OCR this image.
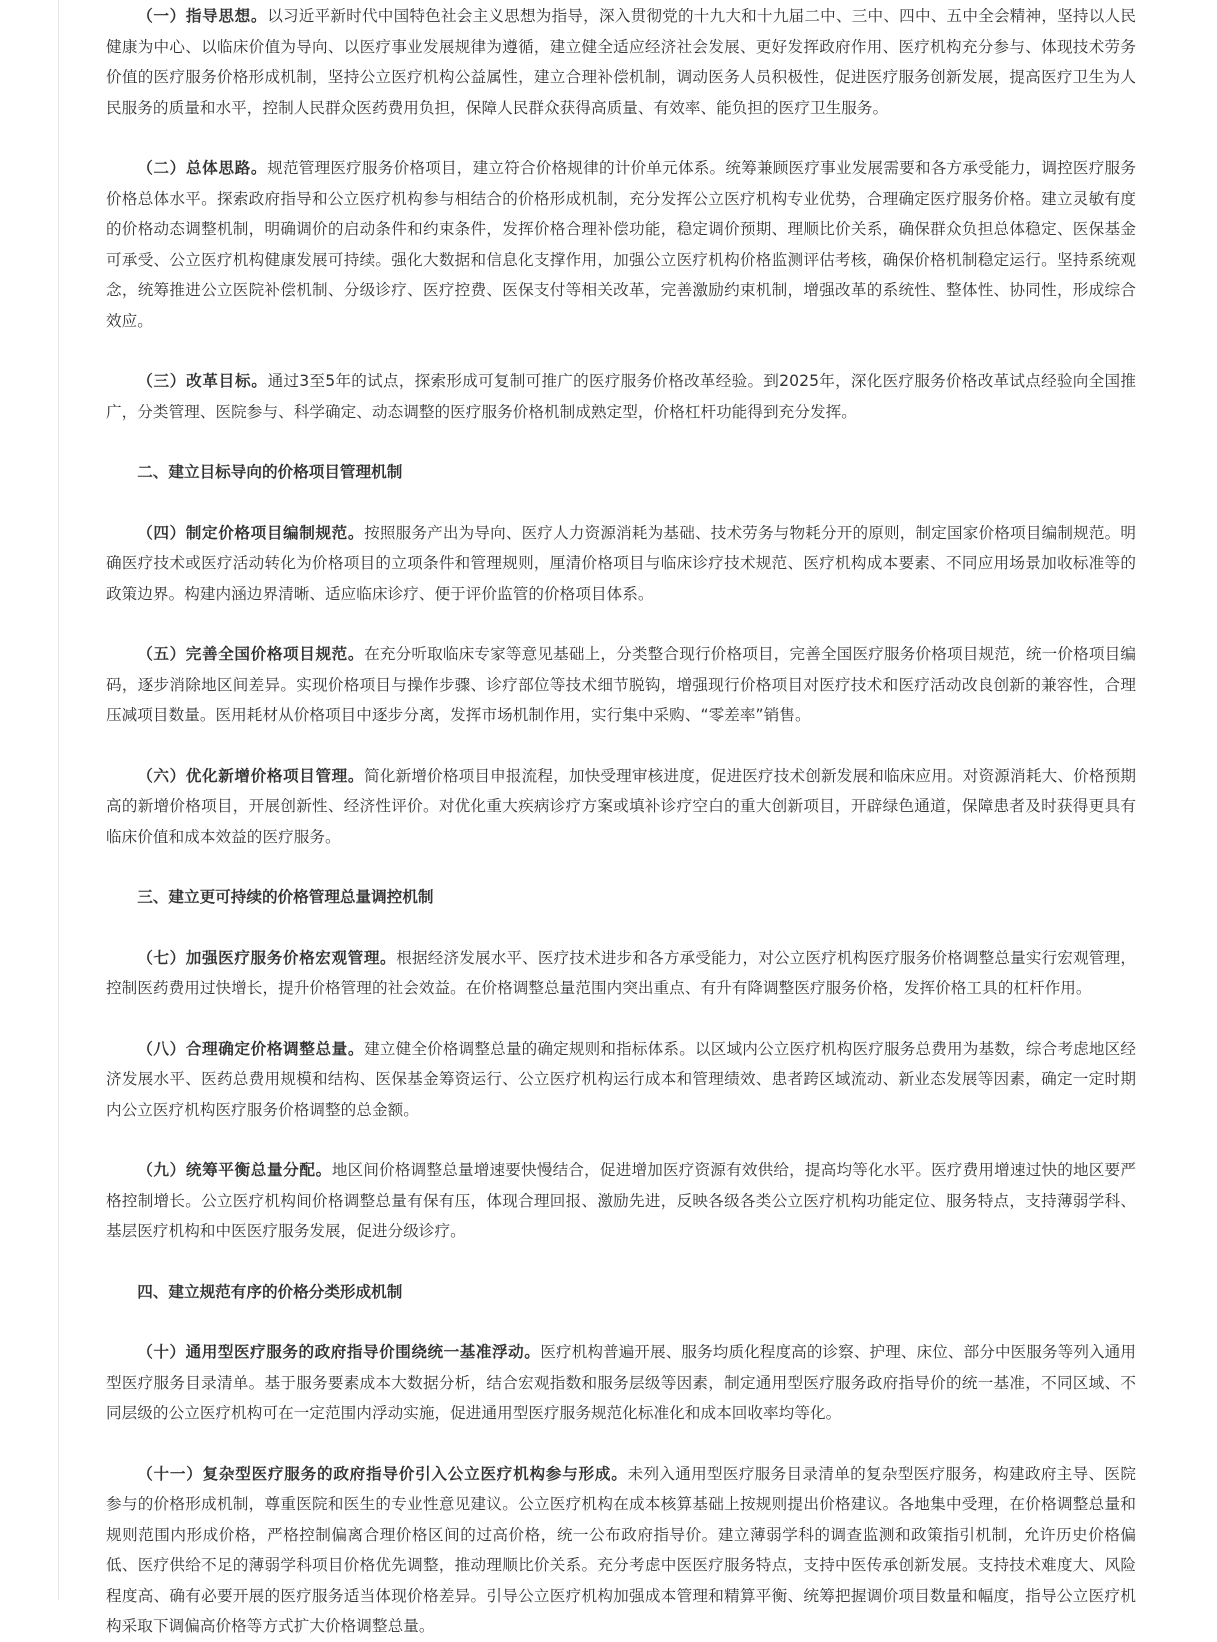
（一）指导思想。以习近平新时代中国特色社会主义思想为指导，深入贯彻党的十九大和十九届二中、三中、四中、五中全会精神，坚持以人民健康为中心、以临床价值为导向、以医疗事业发展规律为遵循，建立健全适应经济社会发展、更好发挥政府作用、医疗机构充分参与、体现技术劳务价值的医疗服务价格形成机制，坚持公立医疗机构公益属性，建立合理补偿机制，调动医务人员积极性，促进医疗服务创新发展，提高医疗卫生为人民服务的质量和水平，控制人民群众医药费用负担，保障人民群众获得高质量、有效率、能负担的医疗卫生服务。

（二）总体思路。规范管理医疗服务价格项目，建立符合价格规律的计价单元体系。统筹兼顾医疗事业发展需要和各方承受能力，调控医疗服务价格总体水平。探索政府指导和公立医疗机构参与相结合的价格形成机制，充分发挥公立医疗机构专业优势，合理确定医疗服务价格。建立灵敏有度的价格动态调整机制，明确调价的启动条件和约束条件，发挥价格合理补偿功能，稳定调价预期、理顺比价关系，确保群众负担总体稳定、医保基金可承受、公立医疗机构健康发展可持续。强化大数据和信息化支撑作用，加强公立医疗机构价格监测评估考核，确保价格机制稳定运行。坚持系统观念，统筹推进公立医院补偿机制、分级诊疗、医疗控费、医保支付等相关改革，完善激励约束机制，增强改革的系统性、整体性、协同性，形成综合效应。

（三）改革目标。通过3至5年的试点，探索形成可复制可推广的医疗服务价格改革经验。到2025年，深化医疗服务价格改革试点经验向全国推广，分类管理、医院参与、科学确定、动态调整的医疗服务价格机制成熟定型，价格杠杆功能得到充分发挥。

二、建立目标导向的价格项目管理机制

（四）制定价格项目编制规范。按照服务产出为导向、医疗人力资源消耗为基础、技术劳务与物耗分开的原则，制定国家价格项目编制规范。明确医疗技术或医疗活动转化为价格项目的立项条件和管理规则，厘清价格项目与临床诊疗技术规范、医疗机构成本要素、不同应用场景加收标准等的政策边界。构建内涵边界清晰、适应临床诊疗、便于评价监管的价格项目体系。

（五）完善全国价格项目规范。在充分听取临床专家等意见基础上，分类整合现行价格项目，完善全国医疗服务价格项目规范，统一价格项目编码，逐步消除地区间差异。实现价格项目与操作步骤、诊疗部位等技术细节脱钩，增强现行价格项目对医疗技术和医疗活动改良创新的兼容性，合理压减项目数量。医用耗材从价格项目中逐步分离，发挥市场机制作用，实行集中采购、“零差率”销售。

（六）优化新增价格项目管理。简化新增价格项目申报流程，加快受理审核进度，促进医疗技术创新发展和临床应用。对资源消耗大、价格预期高的新增价格项目，开展创新性、经济性评价。对优化重大疾病诊疗方案或填补诊疗空白的重大创新项目，开辟绿色通道，保障患者及时获得更具有临床价值和成本效益的医疗服务。

三、建立更可持续的价格管理总量调控机制

（七）加强医疗服务价格宏观管理。根据经济发展水平、医疗技术进步和各方承受能力，对公立医疗机构医疗服务价格调整总量实行宏观管理，控制医药费用过快增长，提升价格管理的社会效益。在价格调整总量范围内突出重点、有升有降调整医疗服务价格，发挥价格工具的杠杆作用。

（八）合理确定价格调整总量。建立健全价格调整总量的确定规则和指标体系。以区域内公立医疗机构医疗服务总费用为基数，综合考虑地区经济发展水平、医药总费用规模和结构、医保基金筹资运行、公立医疗机构运行成本和管理绩效、患者跨区域流动、新业态发展等因素，确定一定时期内公立医疗机构医疗服务价格调整的总金额。

（九）统筹平衡总量分配。地区间价格调整总量增速要快慢结合，促进增加医疗资源有效供给，提高均等化水平。医疗费用增速过快的地区要严格控制增长。公立医疗机构间价格调整总量有保有压，体现合理回报、激励先进，反映各级各类公立医疗机构功能定位、服务特点，支持薄弱学科、基层医疗机构和中医医疗服务发展，促进分级诊疗。

四、建立规范有序的价格分类形成机制

（十）通用型医疗服务的政府指导价围绕统一基准浮动。医疗机构普遍开展、服务均质化程度高的诊察、护理、床位、部分中医服务等列入通用型医疗服务目录清单。基于服务要素成本大数据分析，结合宏观指数和服务层级等因素，制定通用型医疗服务政府指导价的统一基准，不同区域、不同层级的公立医疗机构可在一定范围内浮动实施，促进通用型医疗服务规范化标准化和成本回收率均等化。

（十一）复杂型医疗服务的政府指导价引入公立医疗机构参与形成。未列入通用型医疗服务目录清单的复杂型医疗服务，构建政府主导、医院参与的价格形成机制，尊重医院和医生的专业性意见建议。公立医疗机构在成本核算基础上按规则提出价格建议。各地集中受理，在价格调整总量和规则范围内形成价格，严格控制偏离合理价格区间的过高价格，统一公布政府指导价。建立薄弱学科的调查监测和政策指引机制，允许历史价格偏低、医疗供给不足的薄弱学科项目价格优先调整，推动理顺比价关系。充分考虑中医医疗服务特点，支持中医传承创新发展。支持技术难度大、风险程度高、确有必要开展的医疗服务适当体现价格差异。引导公立医疗机构加强成本管理和精算平衡、统筹把握调价项目数量和幅度，指导公立医疗机构采取下调偏高价格等方式扩大价格调整总量。
